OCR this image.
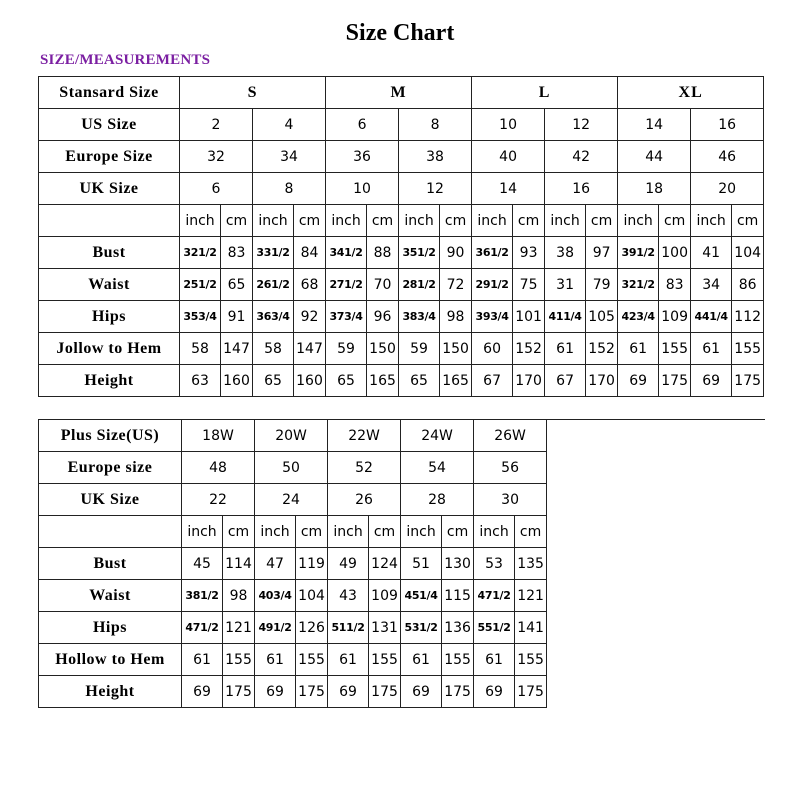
Size Chart
SIZE/MEASUREMENTS
Stansard Size	S				M				L				XL			
US Size	2		4		6		8		10		12		14		16	
Europe Size	32		34		36		38		40		42		44		46	
UK Size	6		8		10		12		14		16		18		20	
	inch	cm	inch	cm	inch	cm	inch	cm	inch	cm	inch	cm	inch	cm	inch	cm
Bust	321/2	83	331/2	84	341/2	88	351/2	90	361/2	93	38	97	391/2	100	41	104
Waist	251/2	65	261/2	68	271/2	70	281/2	72	291/2	75	31	79	321/2	83	34	86
Hips	353/4	91	363/4	92	373/4	96	383/4	98	393/4	101	411/4	105	423/4	109	441/4	112
Jollow to Hem	58	147	58	147	59	150	59	150	60	152	61	152	61	155	61	155
Height	63	160	65	160	65	165	65	165	67	170	67	170	69	175	69	175
Plus Size(US)	18W		20W		22W		24W		26W		
Europe size	48		50		52		54		56		
UK Size	22		24		26		28		30		
	inch	cm	inch	cm	inch	cm	inch	cm	inch	cm	
Bust	45	114	47	119	49	124	51	130	53	135	
Waist	381/2	98	403/4	104	43	109	451/4	115	471/2	121	
Hips	471/2	121	491/2	126	511/2	131	531/2	136	551/2	141	
Hollow to Hem	61	155	61	155	61	155	61	155	61	155	
Height	69	175	69	175	69	175	69	175	69	175	
